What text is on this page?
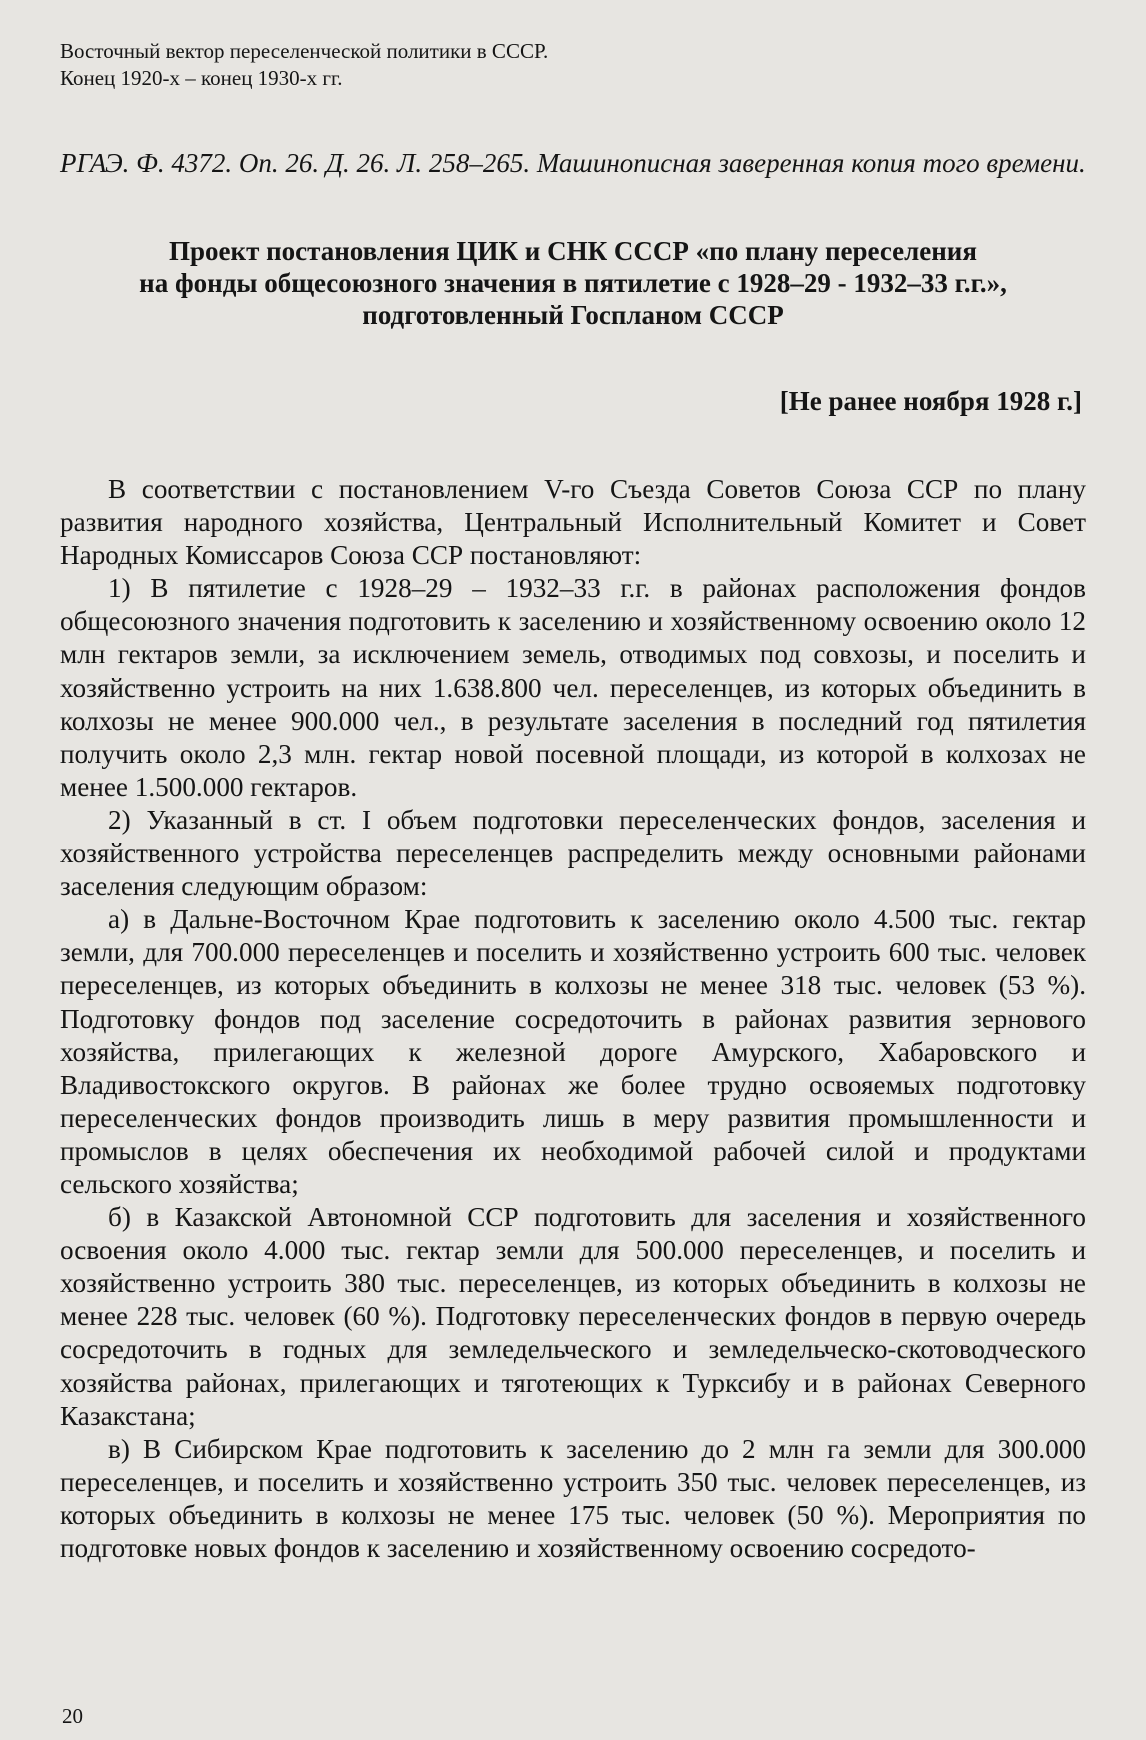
Восточный вектор переселенческой политики в СССР.
Конец 1920-х – конец 1930-х гг.

РГАЭ. Ф. 4372. Оп. 26. Д. 26. Л. 258–265. Машинописная заверенная копия того времени.

Проект постановления ЦИК и СНК СССР «по плану переселения
на фонды общесоюзного значения в пятилетие с 1928–29 - 1932–33 г.г.»,
подготовленный Госпланом СССР
[Не ранее ноября 1928 г.]

В соответствии с постановлением V-го Съезда Советов Союза ССР по плану развития народного хозяйства, Центральный Исполнительный Комитет и Совет Народных Комиссаров Союза ССР постановляют:

1) В пятилетие с 1928–29 – 1932–33 г.г. в районах расположения фондов общесоюзного значения подготовить к заселению и хозяйственному освоению около 12 млн гектаров земли, за исключением земель, отводимых под совхозы, и поселить и хозяйственно устроить на них 1.638.800 чел. переселенцев, из которых объединить в колхозы не менее 900.000 чел., в результате заселения в последний год пятилетия получить около 2,3 млн. гектар новой посевной площади, из которой в колхозах не менее 1.500.000 гектаров.

2) Указанный в ст. I объем подготовки переселенческих фондов, заселения и хозяйственного устройства переселенцев распределить между основными районами заселения следующим образом:

а) в Дальне-Восточном Крае подготовить к заселению около 4.500 тыс. гектар земли, для 700.000 переселенцев и поселить и хозяйственно устроить 600 тыс. человек переселенцев, из которых объединить в колхозы не менее 318 тыс. человек (53 %). Подготовку фондов под заселение сосредоточить в районах развития зернового хозяйства, прилегающих к железной дороге Амурского, Хабаровского и Владивостокского округов. В районах же более трудно освояемых подготовку переселенческих фондов производить лишь в меру развития промышленности и промыслов в целях обеспечения их необходимой рабочей силой и продуктами сельского хозяйства;

б) в Казакской Автономной ССР подготовить для заселения и хозяйственного освоения около 4.000 тыс. гектар земли для 500.000 переселенцев, и поселить и хозяйственно устроить 380 тыс. переселенцев, из которых объединить в колхозы не менее 228 тыс. человек (60 %). Подготовку переселенческих фондов в первую очередь сосредоточить в годных для земледельческого и земледельческо-скотоводческого хозяйства районах, прилегающих и тяготеющих к Турксибу и в районах Северного Казакстана;

в) В Сибирском Крае подготовить к заселению до 2 млн га земли для 300.000 переселенцев, и поселить и хозяйственно устроить 350 тыс. человек переселенцев, из которых объединить в колхозы не менее 175 тыс. человек (50 %). Мероприятия по подготовке новых фондов к заселению и хозяйственному освоению сосредото-

20
